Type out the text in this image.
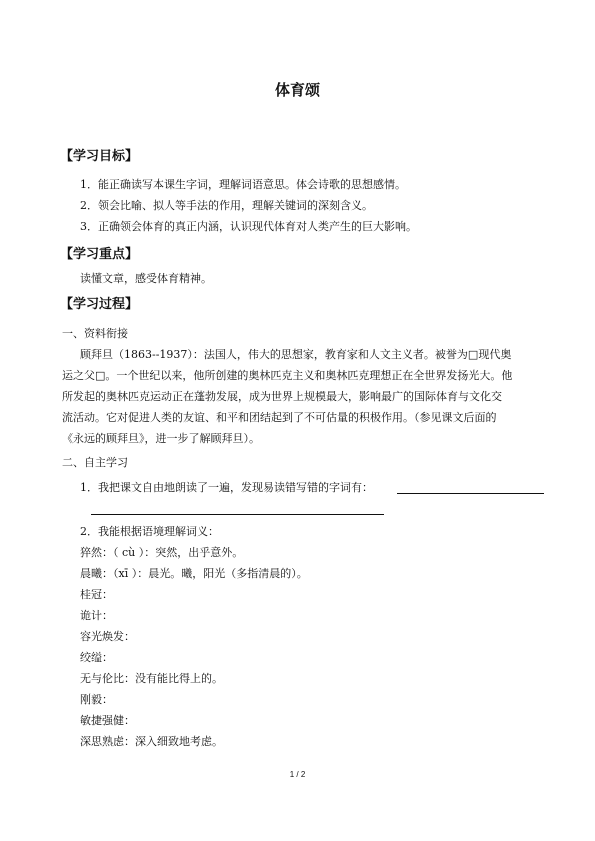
体育颂
【学习目标】
1．能正确读写本课生字词，理解词语意思。体会诗歌的思想感情。
2．领会比喻、拟人等手法的作用，理解关键词的深刻含义。
3．正确领会体育的真正内涵，认识现代体育对人类产生的巨大影响。
【学习重点】
读懂文章，感受体育精神。
【学习过程】
一、资料衔接
顾拜旦（1863--1937）：法国人，伟大的思想家，教育家和人文主义者。被誉为□现代奥
运之父□。一个世纪以来，他所创建的奥林匹克主义和奥林匹克理想正在全世界发扬光大。他
所发起的奥林匹克运动正在蓬勃发展，成为世界上规模最大，影响最广的国际体育与文化交
流活动。它对促进人类的友谊、和平和团结起到了不可估量的积极作用。（参见课文后面的
《永远的顾拜旦》，进一步了解顾拜旦）。
二、自主学习
1．我把课文自由地朗读了一遍，发现易读错写错的字词有：
2．我能根据语境理解词义：
猝然：（ cù ）：突然，出乎意外。
晨曦：（xī ）：晨光。曦，阳光（多指清晨的）。
桂冠：
诡计：
容光焕发：
绞缢：
无与伦比：没有能比得上的。
刚毅：
敏捷强健：
深思熟虑：深入细致地考虑。
1 / 2
